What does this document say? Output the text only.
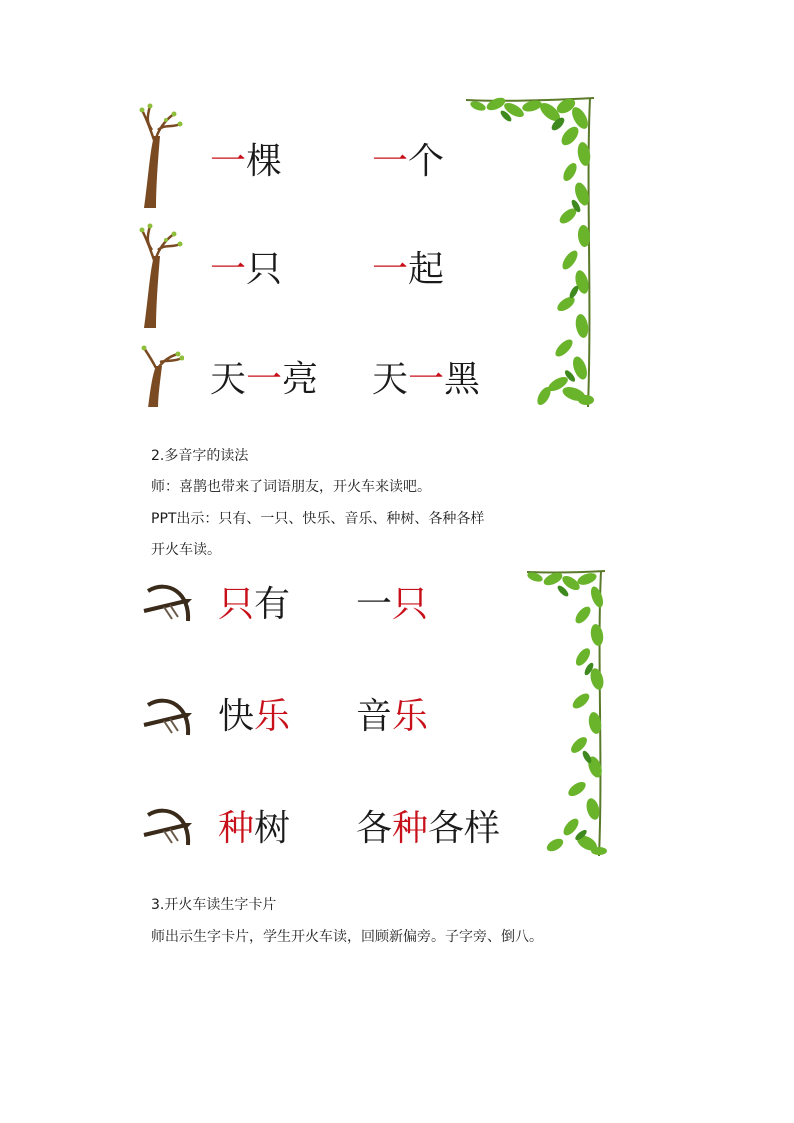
一棵 一个
一只 一起
天一亮 天一黑
2.多音字的读法
师：喜鹊也带来了词语朋友，开火车来读吧。
PPT出示：只有、一只、快乐、音乐、种树、各种各样
开火车读。
只有 一只
快乐 音乐
种树 各种各样
3.开火车读生字卡片
师出示生字卡片，学生开火车读，回顾新偏旁。子字旁、倒八。
